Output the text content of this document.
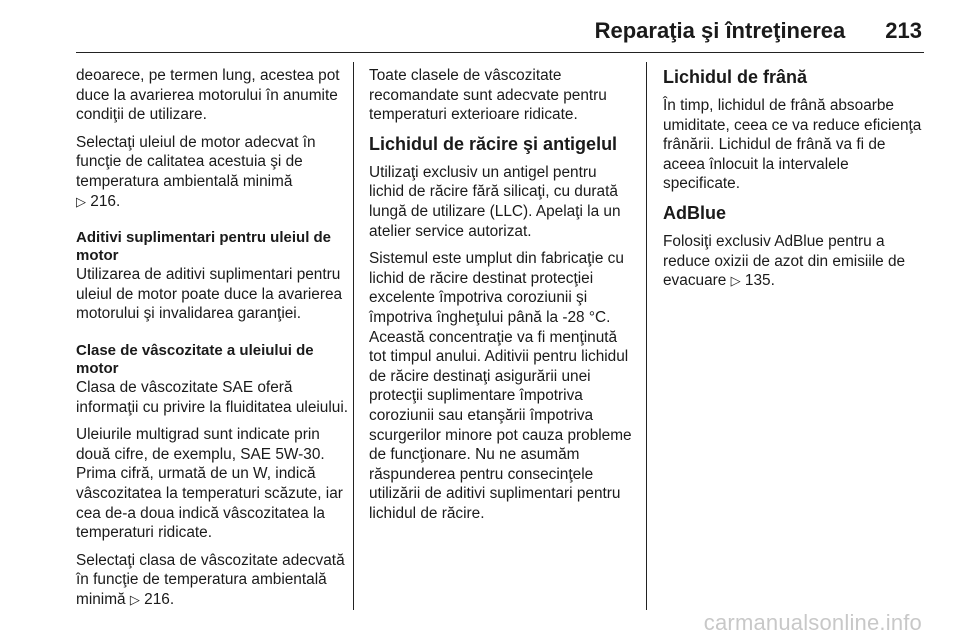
Reparaţia şi întreţinerea 213

deoarece, pe termen lung, acestea pot duce la avarierea motorului în anumite condiţii de utilizare.

Selectaţi uleiul de motor adecvat în funcţie de calitatea acestuia şi de temperatura ambientală minimă
▷ 216.

Aditivi suplimentari pentru uleiul de motor

Utilizarea de aditivi suplimentari pentru uleiul de motor poate duce la avarierea motorului şi invalidarea garanţiei.

Clase de vâscozitate a uleiului de motor

Clasa de vâscozitate SAE oferă informaţii cu privire la fluiditatea uleiului.

Uleiurile multigrad sunt indicate prin două cifre, de exemplu, SAE 5W-30. Prima cifră, urmată de un W, indică vâscozitatea la temperaturi scăzute, iar cea de-a doua indică vâscozitatea la temperaturi ridicate.

Selectaţi clasa de vâscozitate adecvată în funcţie de temperatura ambientală minimă ▷ 216.

Toate clasele de vâscozitate recomandate sunt adecvate pentru temperaturi exterioare ridicate.

Lichidul de răcire şi antigelul

Utilizaţi exclusiv un antigel pentru lichid de răcire fără silicaţi, cu durată lungă de utilizare (LLC). Apelaţi la un atelier service autorizat.

Sistemul este umplut din fabricaţie cu lichid de răcire destinat protecţiei excelente împotriva coroziunii şi împotriva îngheţului până la -28 °C. Această concentraţie va fi menţinută tot timpul anului. Aditivii pentru lichidul de răcire destinaţi asigurării unei protecţii suplimentare împotriva coroziunii sau etanşării împotriva scurgerilor minore pot cauza probleme de funcţionare. Nu ne asumăm răspunderea pentru consecinţele utilizării de aditivi suplimentari pentru lichidul de răcire.

Lichidul de frână

În timp, lichidul de frână absoarbe umiditate, ceea ce va reduce eficienţa frânării. Lichidul de frână va fi de aceea înlocuit la intervalele specificate.

AdBlue

Folosiţi exclusiv AdBlue pentru a reduce oxizii de azot din emisiile de evacuare ▷ 135.

carmanualsonline.info
